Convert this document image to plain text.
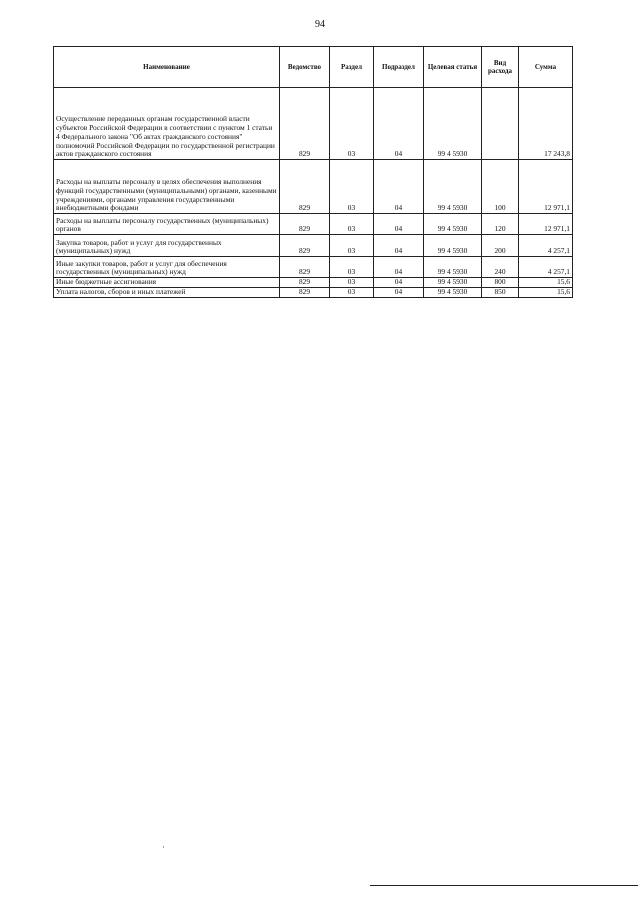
94
Наименование	Ведомство	Раздел	Подраздел	Целевая статья	Вид расхода	Сумма
Осуществление переданных органам государственной власти субъектов Российской Федерации в соответствии с пунктом 1 статьи 4 Федерального закона "Об актах гражданского состояния" полномочий Российской Федерации по государственной регистрации актов гражданского состояния	829	03	04	99 4 5930		17 243,8
Расходы на выплаты персоналу в целях обеспечения выполнения функций государственными (муниципальными) органами, казенными учреждениями, органами управления государственными внебюджетными фондами	829	03	04	99 4 5930	100	12 971,1
Расходы на выплаты персоналу государственных (муниципальных) органов	829	03	04	99 4 5930	120	12 971,1
Закупка товаров, работ и услуг для государственных (муниципальных) нужд	829	03	04	99 4 5930	200	4 257,1
Иные закупки товаров, работ и услуг для обеспечения государственных (муниципальных) нужд	829	03	04	99 4 5930	240	4 257,1
Иные бюджетные ассигнования	829	03	04	99 4 5930	800	15,6
Уплата налогов, сборов и иных платежей	829	03	04	99 4 5930	850	15,6
